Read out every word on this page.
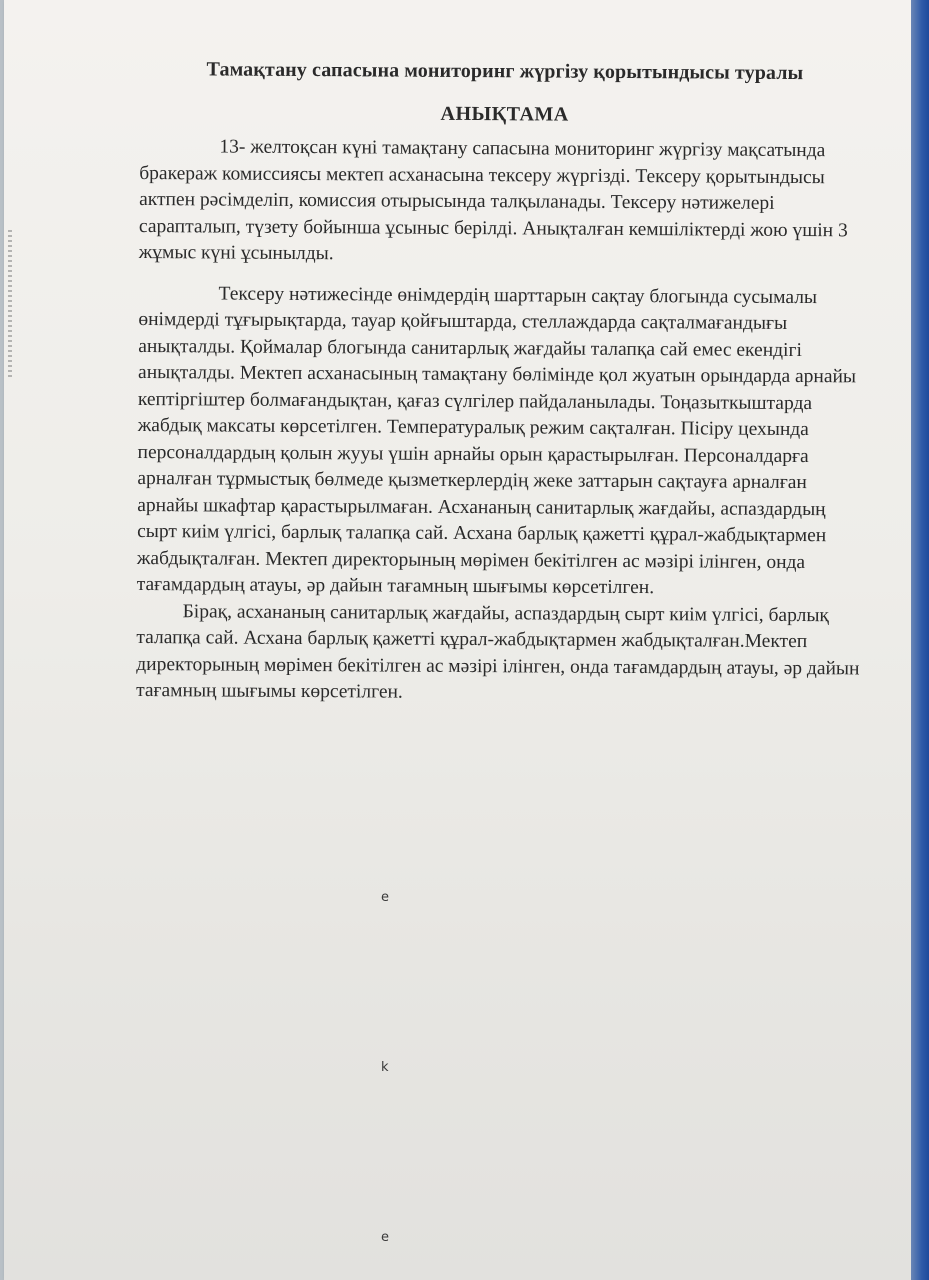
Тамақтану сапасына мониторинг жүргізу қорытындысы туралы
АНЫҚТАМА

13- желтоқсан күні тамақтану сапасына мониторинг жүргізу мақсатында бракераж комиссиясы мектеп асханасына тексеру жүргізді. Тексеру қорытындысы актпен рәсімделіп, комиссия отырысында талқыланады. Тексеру нәтижелері сарапталып, түзету бойынша ұсыныс берілді. Анықталған кемшіліктерді жою үшін 3 жұмыс күні ұсынылды.

Тексеру нәтижесінде өнімдердің шарттарын сақтау блогында сусымалы өнімдерді тұғырықтарда, тауар қойғыштарда, стеллаждарда сақталмағандығы анықталды. Қоймалар блогында санитарлық жағдайы талапқа сай емес екендігі анықталды. Мектеп асханасының тамақтану бөлімінде қол жуатын орындарда арнайы кептіргіштер болмағандықтан, қағаз сүлгілер пайдаланылады. Тоңазыткыштарда жабдық максаты көрсетілген. Температуралық режим сақталған. Пісіру цехында персоналдардың қолын жууы үшін арнайы орын қарастырылған. Персоналдарға арналған тұрмыстық бөлмеде қызметкерлердің жеке заттарын сақтауға арналған арнайы шкафтар қарастырылмаған. Асхананың санитарлық жағдайы, аспаздардың сырт киім үлгісі, барлық талапқа сай. Асхана барлық қажетті құрал-жабдықтармен жабдықталған. Мектеп директорының мөрімен бекітілген ас мәзірі ілінген, онда тағамдардың атауы, әр дайын тағамның шығымы көрсетілген.

Бірақ, асхананың санитарлық жағдайы, аспаздардың сырт киім үлгісі, барлық талапқа сай. Асхана барлық қажетті құрал-жабдықтармен жабдықталған.Мектеп директорының мөрімен бекітілген ас мәзірі ілінген, онда тағамдардың атауы, әр дайын тағамның шығымы көрсетілген.

e
k
e
